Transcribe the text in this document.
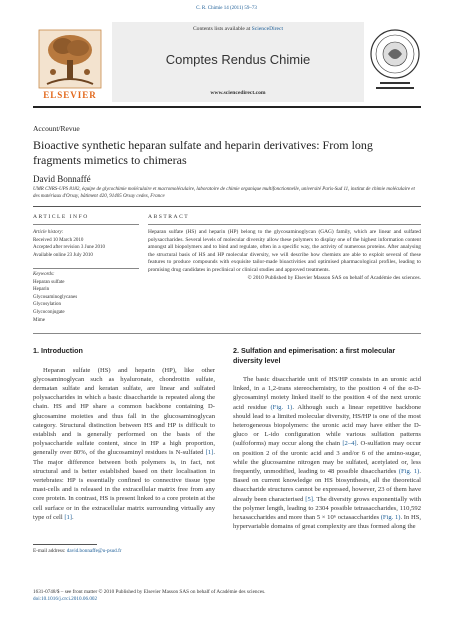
C. R. Chimie 14 (2011) 59–73
ELSEVIER
Contents lists available at ScienceDirect
Comptes Rendus Chimie
www.sciencedirect.com
Account/Revue
Bioactive synthetic heparan sulfate and heparin derivatives: From long fragments mimetics to chimeras
David Bonnaffé
UMR CNRS-UPS 8182, équipe de glycochimie moléculaire et macromoléculaire, laboratoire de chimie organique multifonctionnelle, université Paris-Sud 11, institut de chimie moléculaire et des matériaux d'Orsay, bâtiment 420, 91405 Orsay cedex, France
ARTICLE INFO	ABSTRACT
Article history:
Received 10 March 2010
Accepted after revision 3 June 2010
Available online 23 July 2010
Keywords:
Heparan sulfate
Heparin
Glycosaminoglycanes
Glycosylation
Glycoconjugate
Mime
Heparan sulfate (HS) and heparin (HP) belong to the glycosaminoglycan (GAG) family, which are linear and sulfated polysaccharides. Several levels of molecular diversity allow these polymers to display one of the highest information content amongst all biopolymers and to bind and regulate, often in a specific way, the activity of numerous proteins. After analysing the structural basis of HS and HP molecular diversity, we will describe how chemists are able to exploit several of these features to produce compounds with exquisite tailor-made bioactivities and optimised pharmacological profiles, leading to promising drug candidates in preclinical or clinical studies and approved treatments.
© 2010 Published by Elsevier Masson SAS on behalf of Académie des sciences.
1. Introduction
Heparan sulfate (HS) and heparin (HP), like other glycosaminoglycan such as hyaluronate, chondroitin sulfate, dermatan sulfate and keratan sulfate, are linear and sulfated polysaccharides in which a basic disaccharide is repeated along the chain. HS and HP share a common backbone containing D-glucosamine moieties and thus fall in the glucosaminoglycan category. Structural distinction between HS and HP is difficult to establish and is generally performed on the basis of the polysaccharide sulfate content, since in HP a high proportion, generally over 80%, of the glucosaminyl residues is N-sulfated [1]. The major difference between both polymers is, in fact, not structural and is better established based on their localisation in vertebrates: HP is essentially confined to connective tissue type mast-cells and is released in the extracellular matrix free from any core protein. In contrast, HS is present linked to a core protein at the cell surface or in the extracellular matrix surrounding virtually any type of cell [1].
2. Sulfation and epimerisation: a first molecular diversity level
The basic disaccharide unit of HS/HP consists in an uronic acid linked, in a 1,2-trans stereochemistry, to the position 4 of the α-D-glycosaminyl moiety linked itself to the position 4 of the next uronic acid residue (Fig. 1). Although such a linear repetitive backbone should lead to a limited molecular diversity, HS/HP is one of the most heterogeneous biopolymers: the uronic acid may have either the D-gluco or L-ido configuration while various sulfation patterns (sulfoforms) may occur along the chain [2–4]. O-sulfation may occur on position 2 of the uronic acid and 3 and/or 6 of the amino-sugar, while the glucosamine nitrogen may be sulfated, acetylated or, less frequently, unmodified, leading to 48 possible disaccharides (Fig. 1). Based on current knowledge on HS biosynthesis, all the theoretical disaccharide structures cannot be expressed, however, 23 of them have already been characterised [5]. The diversity grows exponentially with the polymer length, leading to 2304 possible tetrasaccharides, 110,592 hexasaccharides and more than 5 × 10⁶ octasaccharides (Fig. 1). In HS, hypervariable domains of great complexity are thus formed along the
E-mail address: david.bonnaffe@u-psud.fr
1631-0748/$ – see front matter © 2010 Published by Elsevier Masson SAS on behalf of Académie des sciences.
doi:10.1016/j.crci.2010.06.002
